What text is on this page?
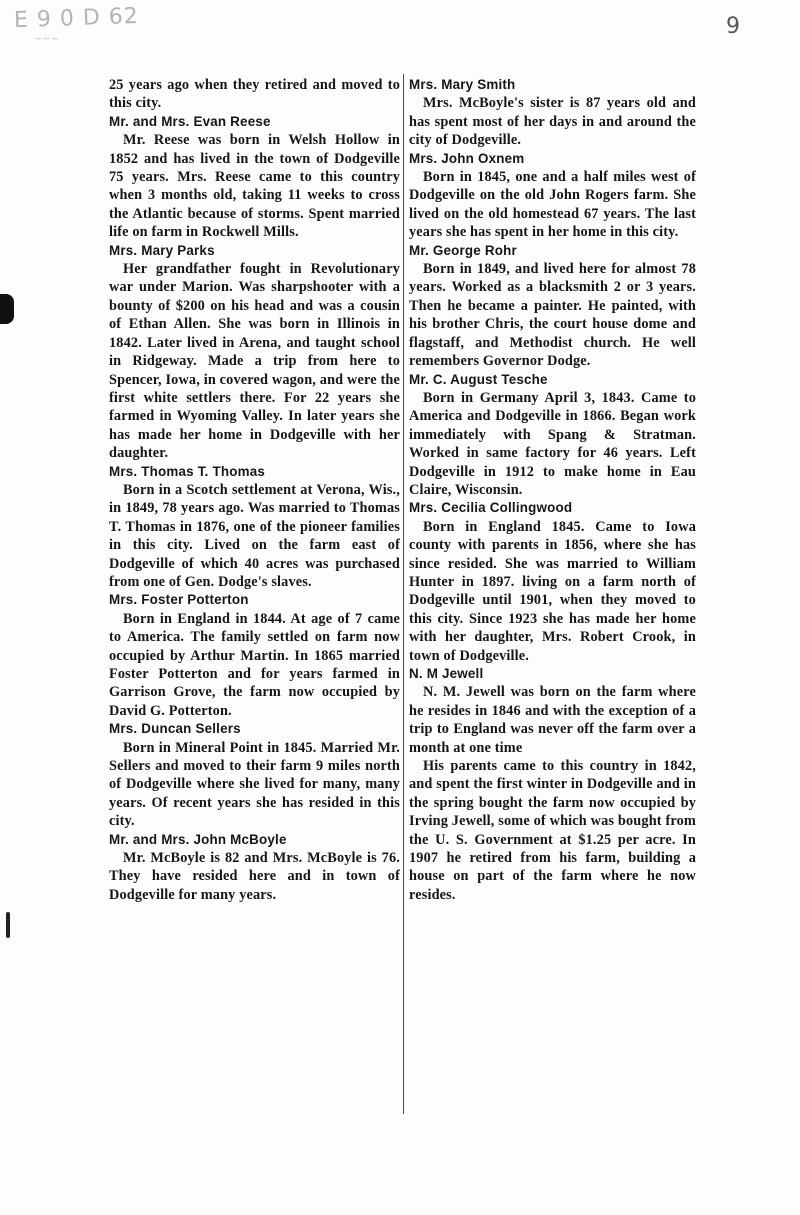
E 9 0 D 62
~~~
9

25 years ago when they retired and moved to this city.

Mr. and Mrs. Evan Reese

Mr. Reese was born in Welsh Hollow in 1852 and has lived in the town of Dodgeville 75 years. Mrs. Reese came to this country when 3 months old, taking 11 weeks to cross the Atlantic because of storms. Spent married life on farm in Rockwell Mills.

Mrs. Mary Parks

Her grandfather fought in Revolutionary war under Marion. Was sharpshooter with a bounty of $200 on his head and was a cousin of Ethan Allen. She was born in Illinois in 1842. Later lived in Arena, and taught school in Ridgeway. Made a trip from here to Spencer, Iowa, in covered wagon, and were the first white settlers there. For 22 years she farmed in Wyoming Valley. In later years she has made her home in Dodgeville with her daughter.

Mrs. Thomas T. Thomas

Born in a Scotch settlement at Verona, Wis., in 1849, 78 years ago. Was married to Thomas T. Thomas in 1876, one of the pioneer families in this city. Lived on the farm east of Dodgeville of which 40 acres was purchased from one of Gen. Dodge's slaves.

Mrs. Foster Potterton

Born in England in 1844. At age of 7 came to America. The family settled on farm now occupied by Arthur Martin. In 1865 married Foster Potterton and for years farmed in Garrison Grove, the farm now occupied by David G. Potterton.

Mrs. Duncan Sellers

Born in Mineral Point in 1845. Married Mr. Sellers and moved to their farm 9 miles north of Dodgeville where she lived for many, many years. Of recent years she has resided in this city.

Mr. and Mrs. John McBoyle

Mr. McBoyle is 82 and Mrs. McBoyle is 76. They have resided here and in town of Dodgeville for many years.

Mrs. Mary Smith

Mrs. McBoyle's sister is 87 years old and has spent most of her days in and around the city of Dodgeville.

Mrs. John Oxnem

Born in 1845, one and a half miles west of Dodgeville on the old John Rogers farm. She lived on the old homestead 67 years. The last years she has spent in her home in this city.

Mr. George Rohr

Born in 1849, and lived here for almost 78 years. Worked as a blacksmith 2 or 3 years. Then he became a painter. He painted, with his brother Chris, the court house dome and flagstaff, and Methodist church. He well remembers Governor Dodge.

Mr. C. August Tesche

Born in Germany April 3, 1843. Came to America and Dodgeville in 1866. Began work immediately with Spang & Stratman. Worked in same factory for 46 years. Left Dodgeville in 1912 to make home in Eau Claire, Wisconsin.

Mrs. Cecilia Collingwood

Born in England 1845. Came to Iowa county with parents in 1856, where she has since resided. She was married to William Hunter in 1897. living on a farm north of Dodgeville until 1901, when they moved to this city. Since 1923 she has made her home with her daughter, Mrs. Robert Crook, in town of Dodgeville.

N. M Jewell

N. M. Jewell was born on the farm where he resides in 1846 and with the exception of a trip to England was never off the farm over a month at one time

His parents came to this country in 1842, and spent the first winter in Dodgeville and in the spring bought the farm now occupied by Irving Jewell, some of which was bought from the U. S. Government at $1.25 per acre. In 1907 he retired from his farm, building a house on part of the farm where he now resides.
